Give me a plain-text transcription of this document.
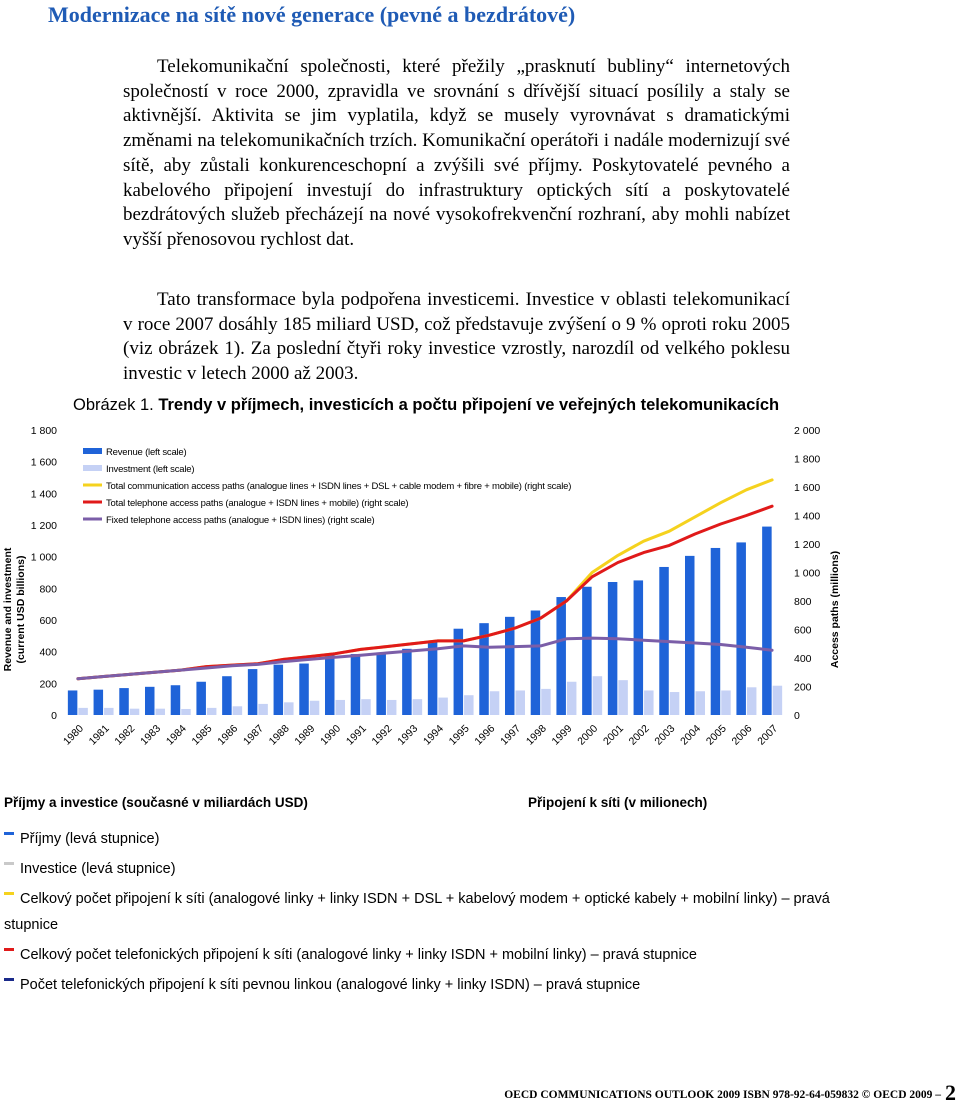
Modernizace na sítě nové generace (pevné a bezdrátové)
Telekomunikační společnosti, které přežily „prasknutí bubliny“ internetových společností v roce 2000, zpravidla ve srovnání s dřívější situací posílily a staly se aktivnější. Aktivita se jim vyplatila, když se musely vyrovnávat s dramatickými změnami na telekomunikačních trzích. Komunikační operátoři i nadále modernizují své sítě, aby zůstali konkurenceschopní a zvýšili své příjmy. Poskytovatelé pevného a kabelového připojení investují do infrastruktury optických sítí a poskytovatelé bezdrátových služeb přecházejí na nové vysokofrekvenční rozhraní, aby mohli nabízet vyšší přenosovou rychlost dat.
Tato transformace byla podpořena investicemi. Investice v oblasti telekomunikací v roce 2007 dosáhly 185 miliard USD, což představuje zvýšení o 9 % oproti roku 2005 (viz obrázek 1). Za poslední čtyři roky investice vzrostly, narozdíl od velkého poklesu investic v letech 2000 až 2003.
Obrázek 1. Trendy v příjmech, investicích a počtu připojení ve veřejných telekomunikacích
0
200
400
600
800
1 000
1 200
1 400
1 600
1 800
0
200
400
600
800
1 000
1 200
1 400
1 600
1 800
2 000
Revenue and investment(current USD billions)	Access paths (millions)
1980 1981 1982 1983 1984 1985 1986 1987 1988 1989 1990 1991 1992 1993 1994 1995 1996 1997 1998 1999 2000 2001 2002 2003 2004 2005 2006 2007
Revenue (left scale)
Investment (left scale)
Total communication access paths (analogue lines + ISDN lines + DSL + cable modem + fibre + mobile) (right scale)
Total telephone access paths (analogue + ISDN lines + mobile) (right scale)
Fixed telephone access paths (analogue + ISDN lines) (right scale)
Příjmy a investice (současné v miliardách USD)	Připojení k síti (v milionech)
Příjmy (levá stupnice)
Investice (levá stupnice)
Celkový počet připojení k síti (analogové linky + linky ISDN + DSL + kabelový modem + optické kabely + mobilní linky) – pravá stupnice
Celkový počet telefonických připojení k síti (analogové linky + linky ISDN + mobilní linky) – pravá stupnice
Počet telefonických připojení k síti pevnou linkou (analogové linky + linky ISDN) – pravá stupnice
OECD COMMUNICATIONS OUTLOOK 2009 ISBN 978-92-64-059832 © OECD 2009 – 2
